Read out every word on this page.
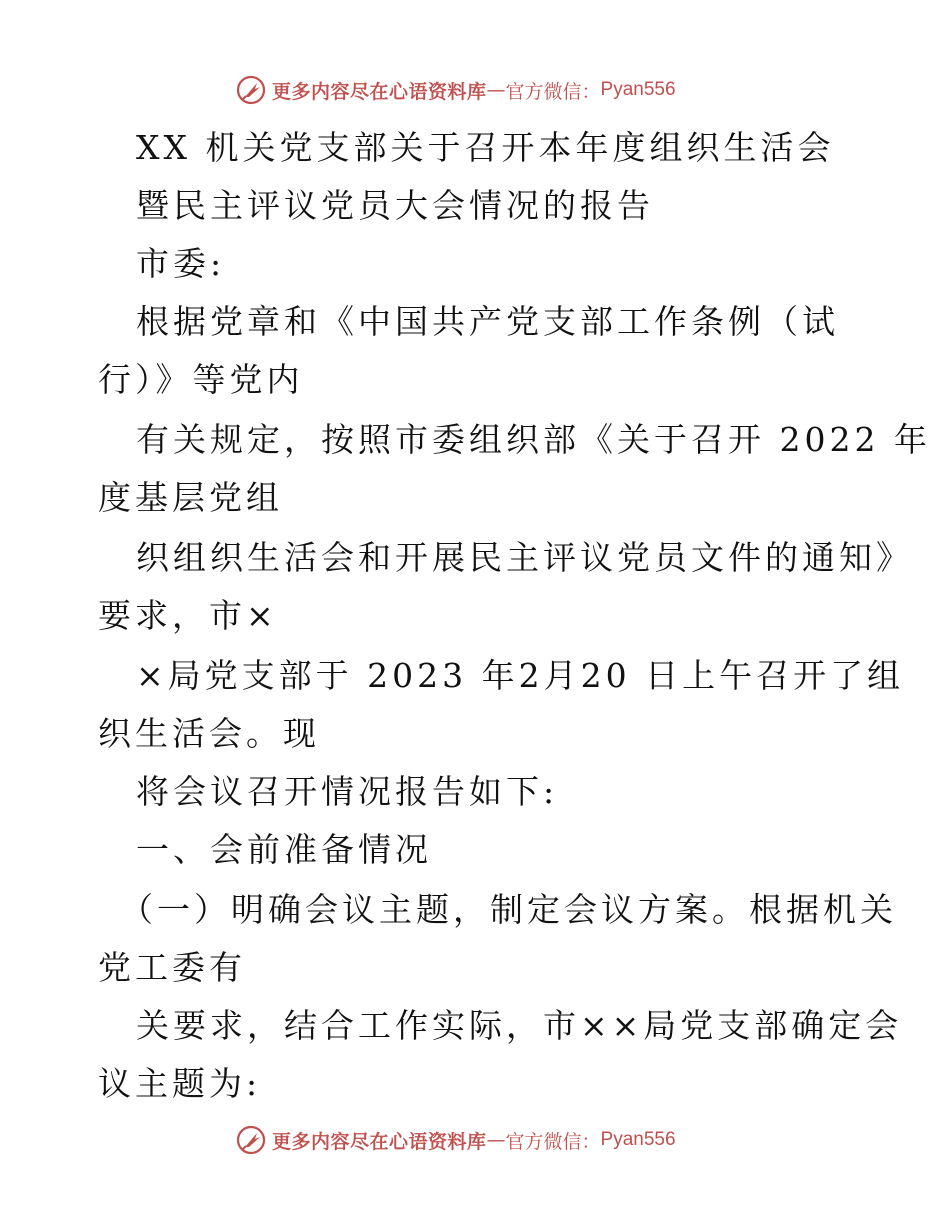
更多内容尽在心语资料库 — 官方微信： Pyan556
XX 机关党支部关于召开本年度组织生活会
暨民主评议党员大会情况的报告
市委:
根据党章和《中国共产党支部工作条例（试
行）》等党内
有关规定，按照市委组织部《关于召开 2022 年
度基层党组
织组织生活会和开展民主评议党员文件的通知》
要求，市×
×局党支部于 2023 年2月20 日上午召开了组
织生活会。现
将会议召开情况报告如下:
一、会前准备情况
（一）明确会议主题，制定会议方案。根据机关
党工委有
关要求，结合工作实际，市××局党支部确定会
议主题为:
更多内容尽在心语资料库 — 官方微信： Pyan556
